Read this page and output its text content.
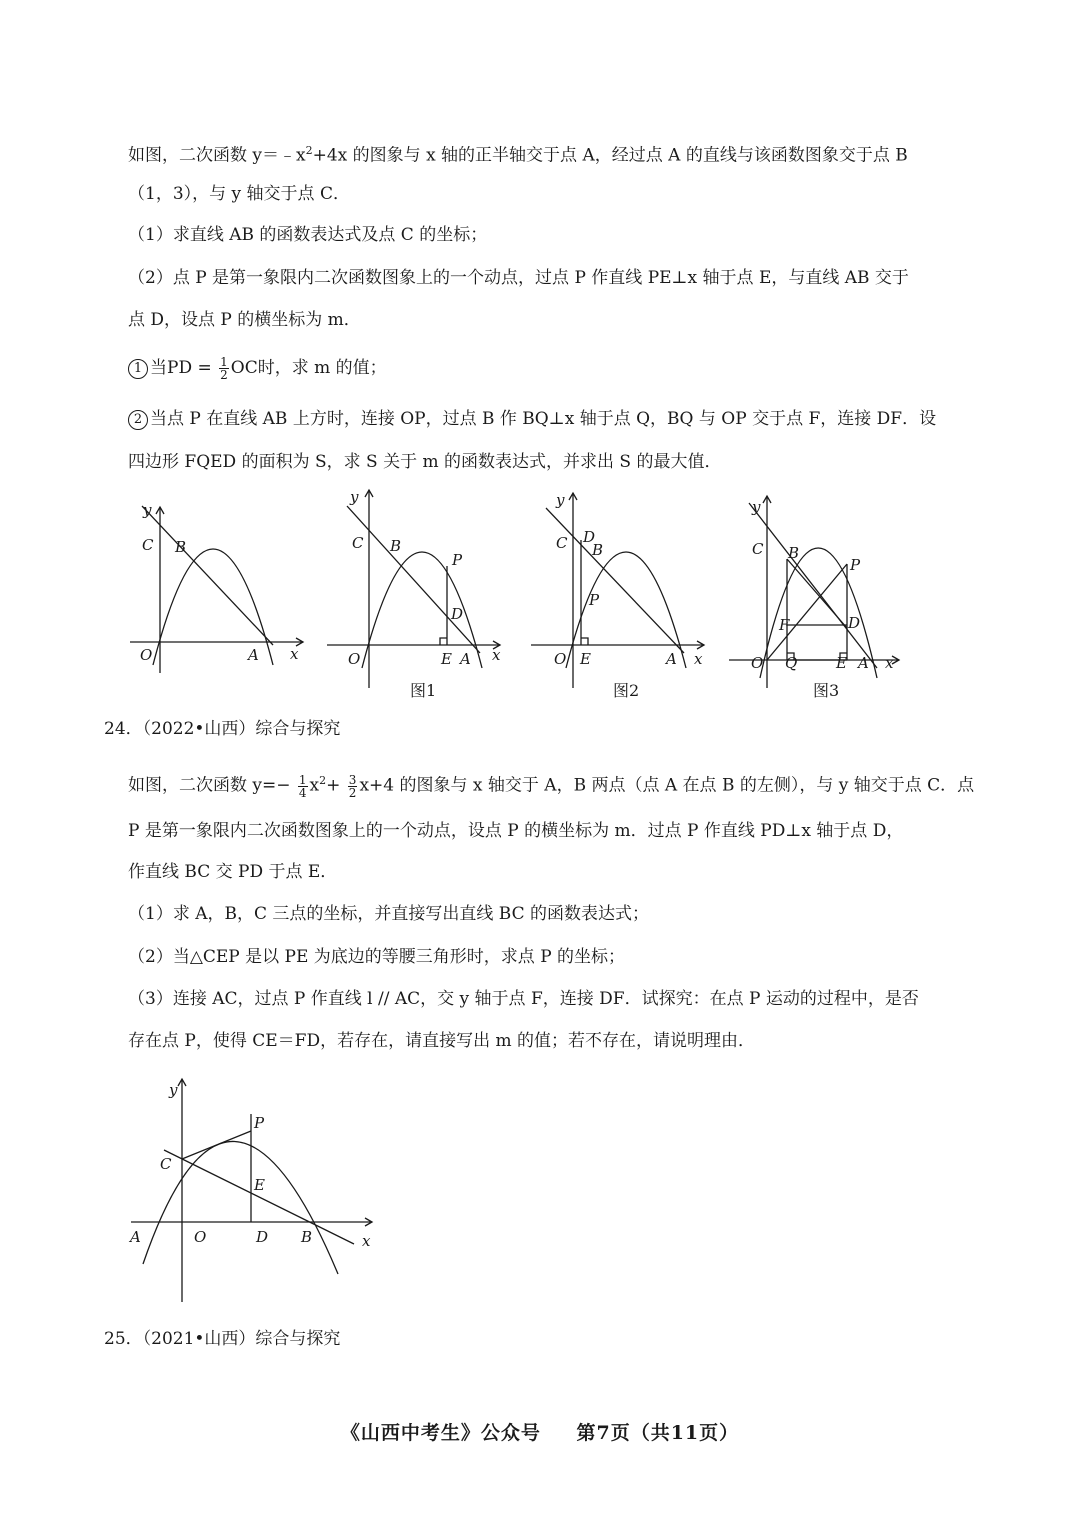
如图，二次函数 $y=﹣x^2+4x$ 的图象与 x 轴的正半轴交于点 A，经过点 A 的直线与该函数图象交于点 B
（1，3），与 y 轴交于点 C．
（1）求直线 AB 的函数表达式及点 C 的坐标；
（2）点 P 是第一象限内二次函数图象上的一个动点，过点 P 作直线 PE⊥x 轴于点 E，与直线 AB 交于
点 D，设点 P 的横坐标为 m．
1 当PD = $\frac{1}{2}$ OC时，求 m 的值；
2 当点 P 在直线 AB 上方时，连接 OP，过点 B 作 BQ⊥x 轴于点 Q，BQ 与 OP 交于点 F，连接 DF．设
四边形 FQED 的面积为 S，求 S 关于 m 的函数表达式，并求出 S 的最大值．
y
x
O	A
B
C
y
x
O	A
B
C
P
D
E
图1
y
x
O	A
B
C D
P
E
图2
y
x
O Q	E A
B
C
P
F	D
图3
24．（2022•山西）综合与探究
如图，二次函数 $y=- \frac{1}{4} x^2+ \frac{3}{2} x+4$ 的图象与 x 轴交于 A，B 两点（点 A 在点 B 的左侧），与 y 轴交于点 C．点
P 是第一象限内二次函数图象上的一个动点，设点 P 的横坐标为 m．过点 P 作直线 PD⊥x 轴于点 D，
作直线 BC 交 PD 于点 E．
（1）求 A，B，C 三点的坐标，并直接写出直线 BC 的函数表达式；
（2）当△CEP 是以 PE 为底边的等腰三角形时，求点 P 的坐标；
（3）连接 AC，过点 P 作直线 l // AC，交 y 轴于点 F，连接 DF．试探究：在点 P 运动的过程中，是否
存在点 P，使得 CE＝FD，若存在，请直接写出 m 的值；若不存在，请说明理由．
y
x
A	O	D B
C
E
P
25．（2021•山西）综合与探究
《山西中考生》公众号 第7页（共11页）
